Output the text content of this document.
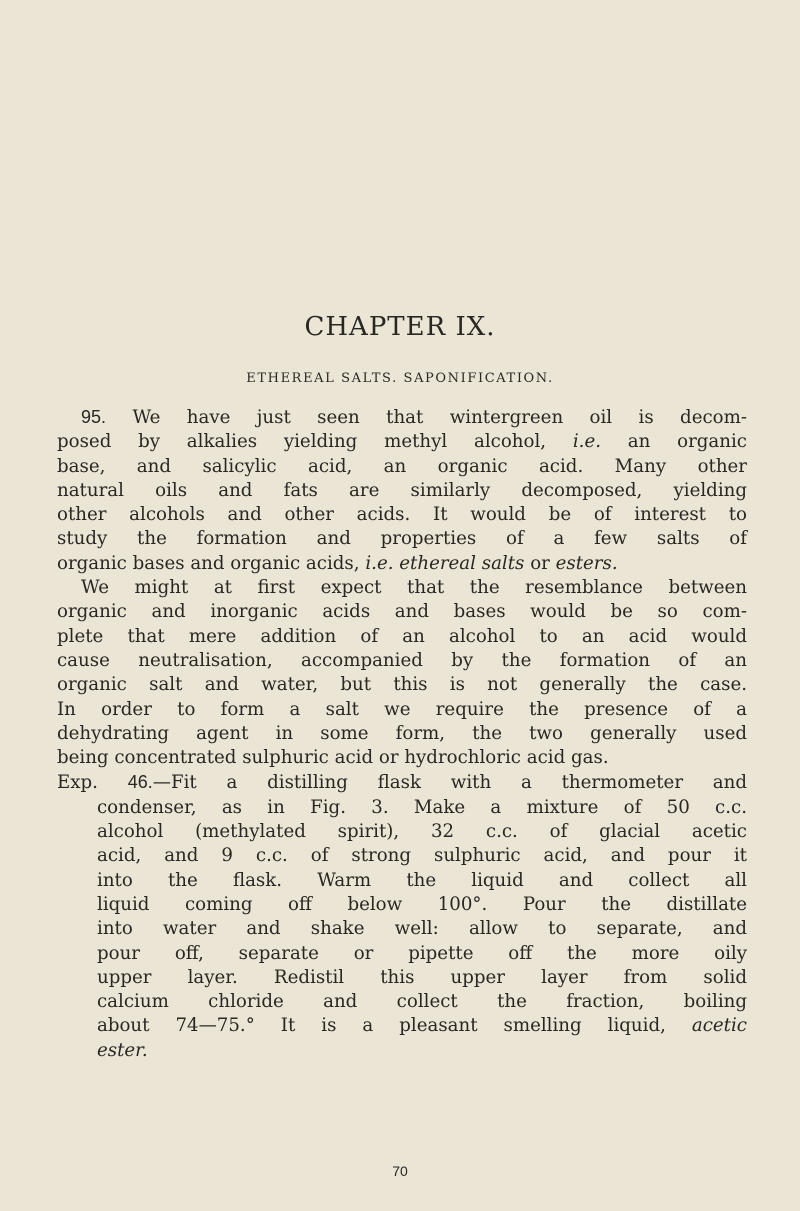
CHAPTER IX.
ETHEREAL SALTS. SAPONIFICATION.
95. We have just seen that wintergreen oil is decom-
posed by alkalies yielding methyl alcohol, i.e. an organic
base, and salicylic acid, an organic acid. Many other
natural oils and fats are similarly decomposed, yielding
other alcohols and other acids. It would be of interest to
study the formation and properties of a few salts of
organic bases and organic acids, i.e. ethereal salts or esters.
We might at first expect that the resemblance between
organic and inorganic acids and bases would be so com-
plete that mere addition of an alcohol to an acid would
cause neutralisation, accompanied by the formation of an
organic salt and water, but this is not generally the case.
In order to form a salt we require the presence of a
dehydrating agent in some form, the two generally used
being concentrated sulphuric acid or hydrochloric acid gas.
Exp. 46.—Fit a distilling flask with a thermometer and
condenser, as in Fig. 3. Make a mixture of 50 c.c.
alcohol (methylated spirit), 32 c.c. of glacial acetic
acid, and 9 c.c. of strong sulphuric acid, and pour it
into the flask. Warm the liquid and collect all
liquid coming off below 100°. Pour the distillate
into water and shake well: allow to separate, and
pour off, separate or pipette off the more oily
upper layer. Redistil this upper layer from solid
calcium chloride and collect the fraction, boiling
about 74—75.° It is a pleasant smelling liquid, acetic
ester.
70
